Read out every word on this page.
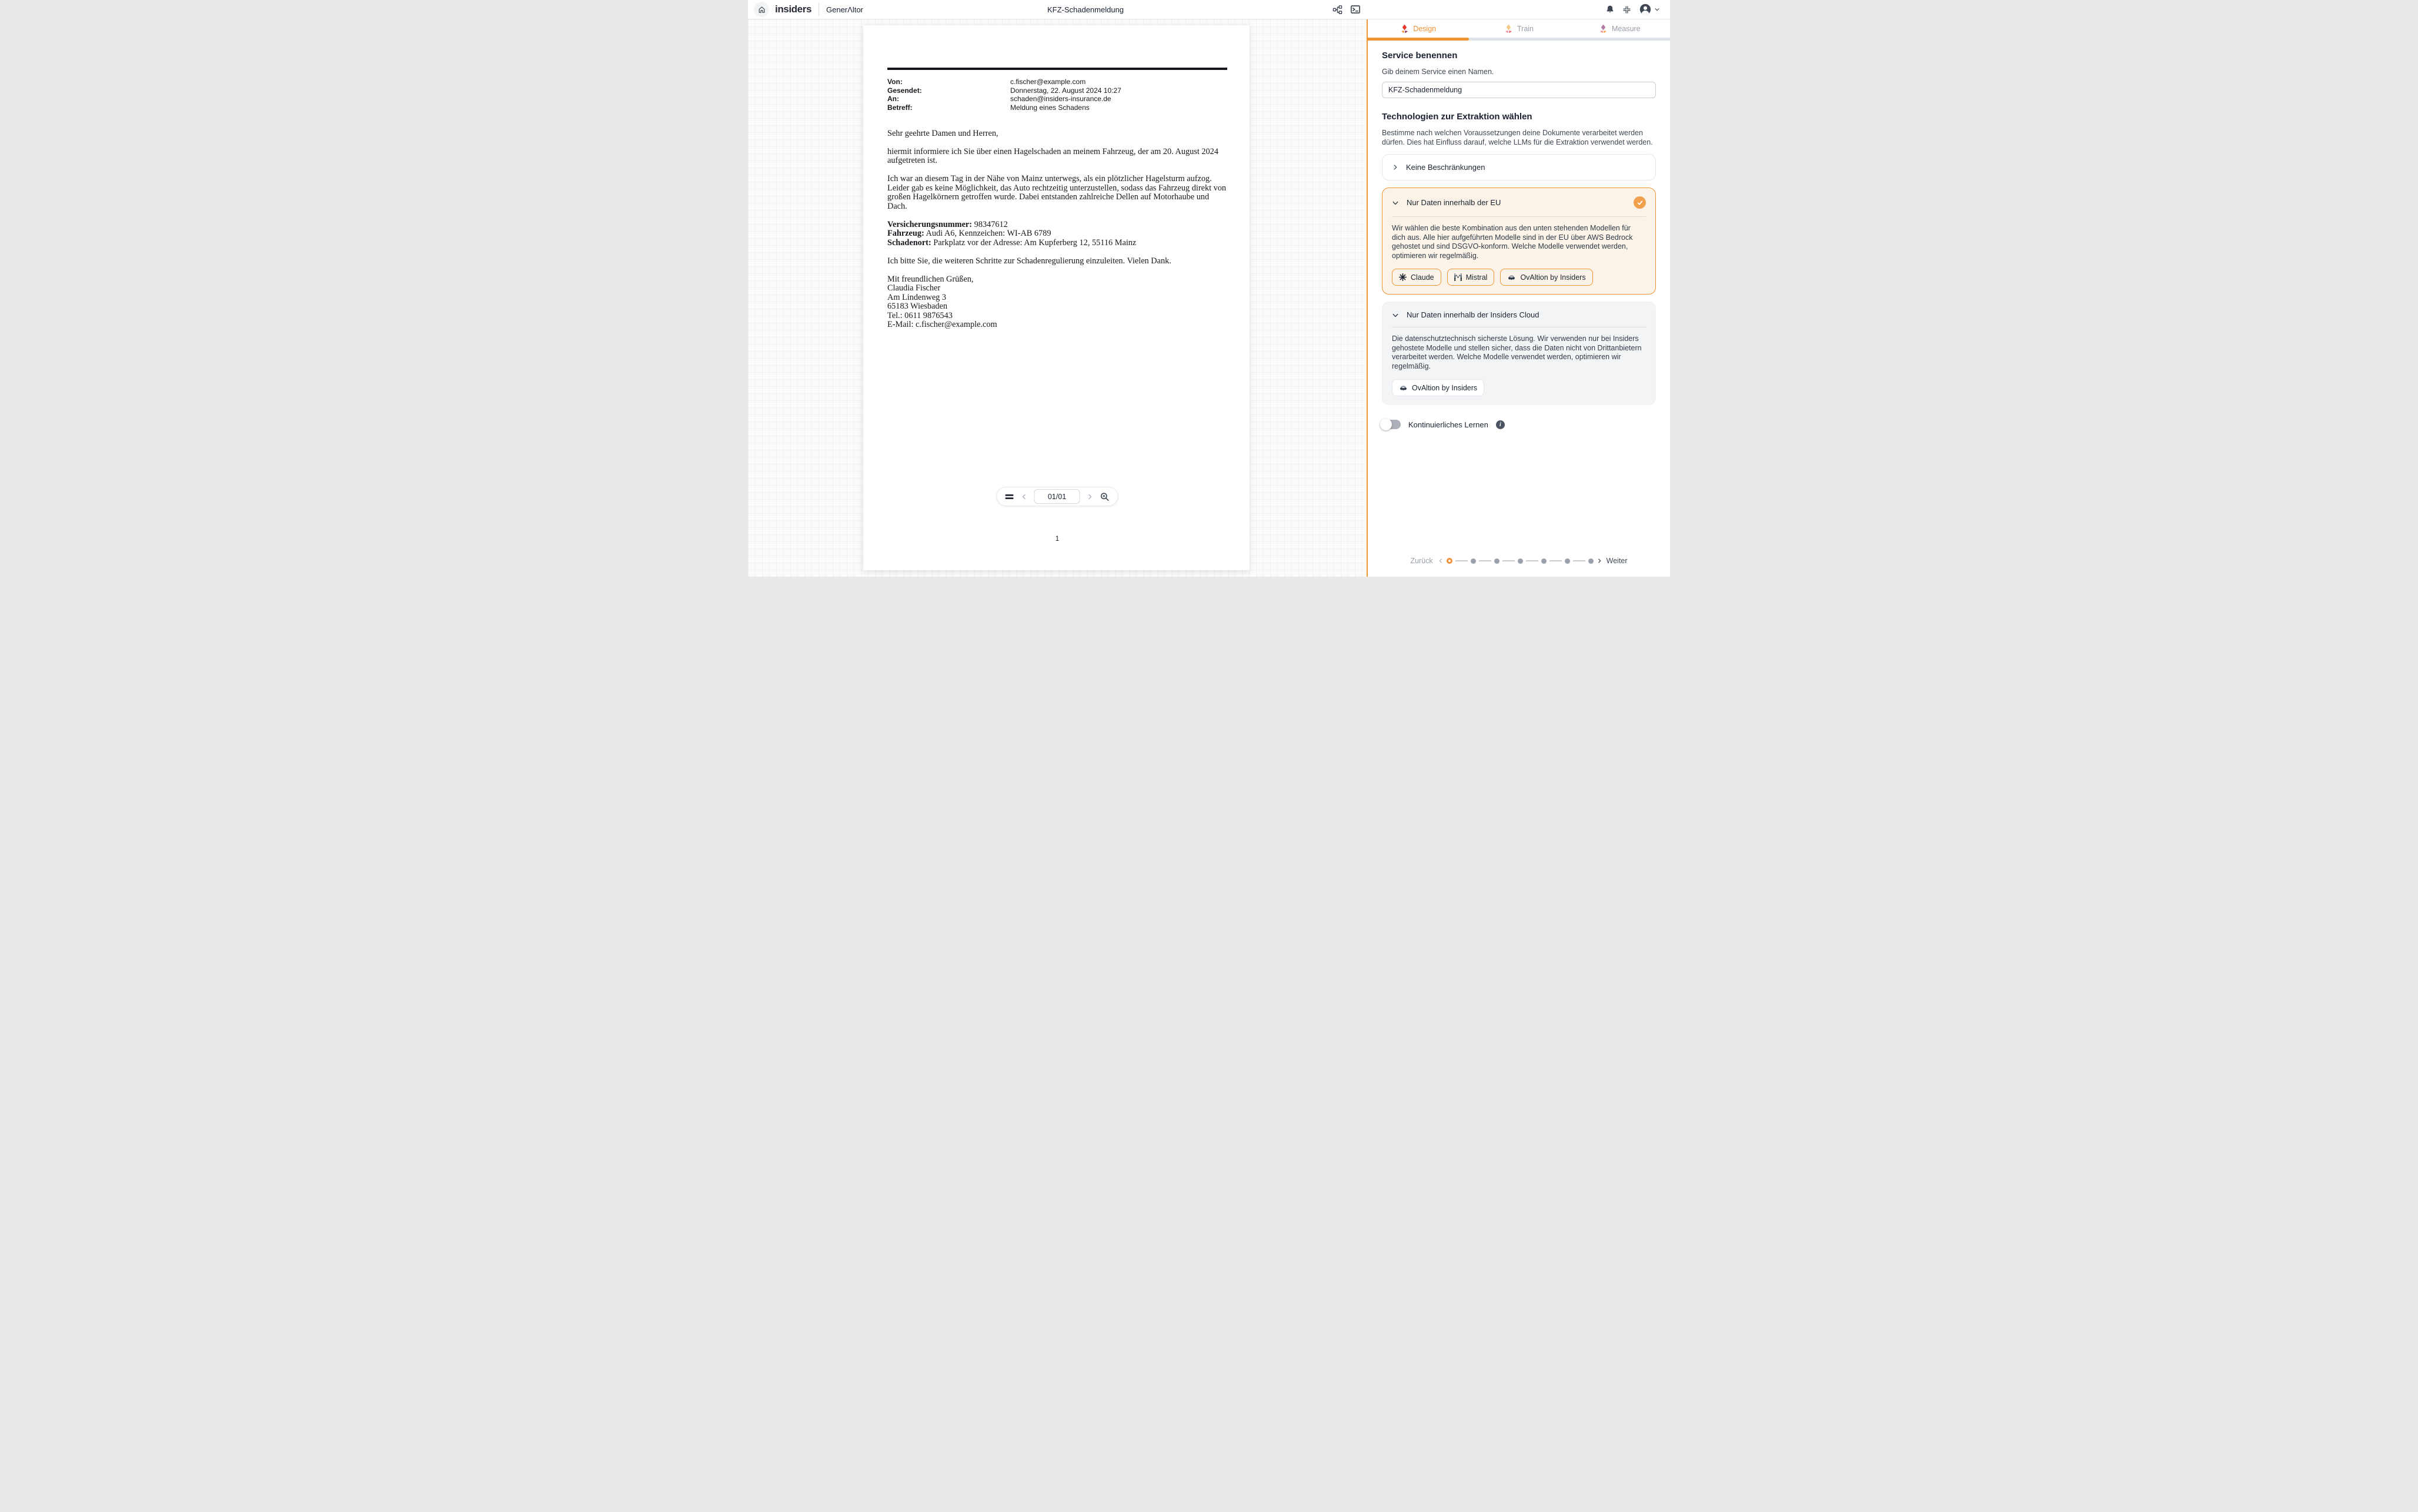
insiders GenerΛltor	KFZ-Schadenmeldung
Von:	c.fischer@example.com
Gesendet:	Donnerstag, 22. August 2024 10:27
An:	schaden@insiders-insurance.de
Betreff:	Meldung eines Schadens

Sehr geehrte Damen und Herren,

hiermit informiere ich Sie über einen Hagelschaden an meinem Fahrzeug, der am 20. August 2024 aufgetreten ist.

Ich war an diesem Tag in der Nähe von Mainz unterwegs, als ein plötzlicher Hagelsturm aufzog. Leider gab es keine Möglichkeit, das Auto rechtzeitig unterzustellen, sodass das Fahrzeug direkt von großen Hagelkörnern getroffen wurde. Dabei entstanden zahlreiche Dellen auf Motorhaube und Dach.

Versicherungsnummer: 98347612
Fahrzeug: Audi A6, Kennzeichen: WI-AB 6789
Schadenort: Parkplatz vor der Adresse: Am Kupferberg 12, 55116 Mainz

Ich bitte Sie, die weiteren Schritte zur Schadenregulierung einzuleiten. Vielen Dank.

Mit freundlichen Grüßen,
Claudia Fischer
Am Lindenweg 3
65183 Wiesbaden
Tel.: 0611 9876543
E-Mail: c.fischer@example.com
01/01
1
Design	Train	Measure
Service benennen
Gib deinem Service einen Namen.
KFZ-Schadenmeldung
Technologien zur Extraktion wählen
Bestimme nach welchen Voraussetzungen deine Dokumente verarbeitet werden dürfen. Dies hat Einfluss darauf, welche LLMs für die Extraktion verwendet werden.
Keine Beschränkungen
Nur Daten innerhalb der EU
Wir wählen die beste Kombination aus den unten stehenden Modellen für dich aus. Alle hier aufgeführten Modelle sind in der EU über AWS Bedrock gehostet und sind DSGVO-konform. Welche Modelle verwendet werden, optimieren wir regelmäßig.
Claude	Mistral	OvAltion by Insiders
Nur Daten innerhalb der Insiders Cloud
Die datenschutztechnisch sicherste Lösung. Wir verwenden nur bei Insiders gehostete Modelle und stellen sicher, dass die Daten nicht von Drittanbietern verarbeitet werden. Welche Modelle verwendet werden, optimieren wir regelmäßig.
OvAltion by Insiders
Kontinuierliches Lernen	i
Zurück	Weiter
